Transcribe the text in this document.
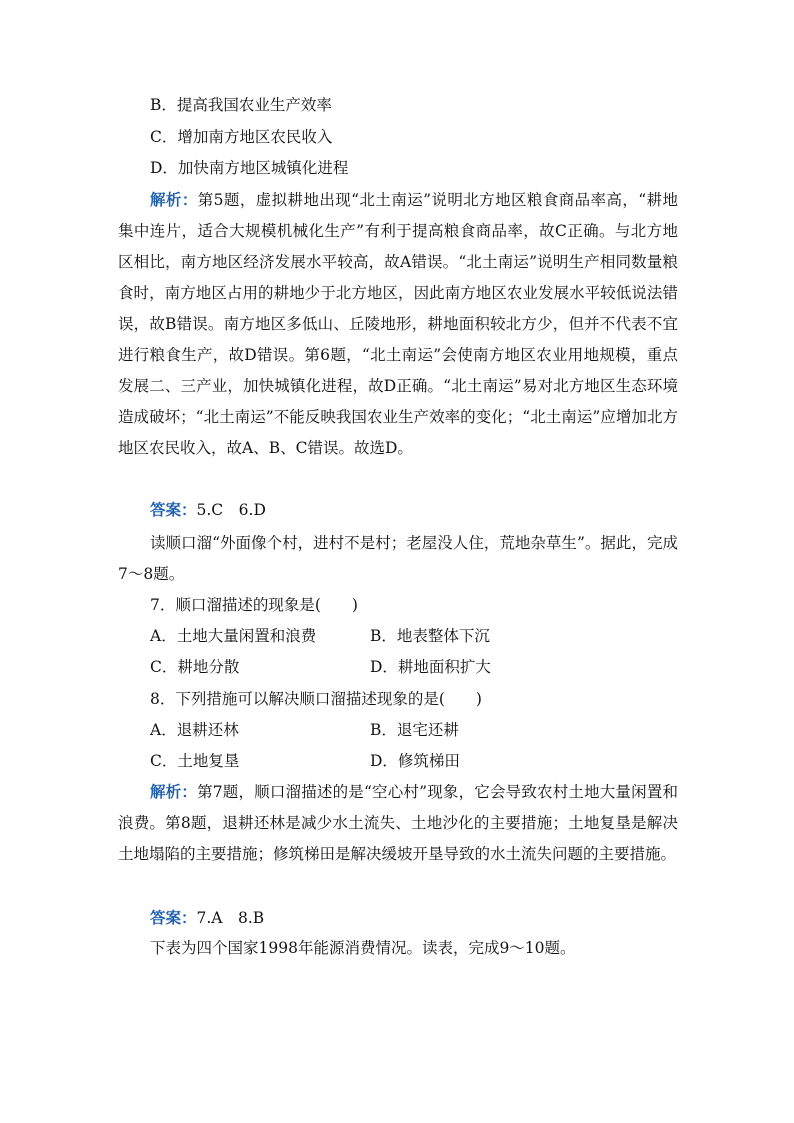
B．提高我国农业生产效率
C．增加南方地区农民收入
D．加快南方地区城镇化进程
解析：第5题，虚拟耕地出现“北土南运”说明北方地区粮食商品率高，“耕地集中连片，适合大规模机械化生产”有利于提高粮食商品率，故C正确。与北方地区相比，南方地区经济发展水平较高，故A错误。“北土南运”说明生产相同数量粮食时，南方地区占用的耕地少于北方地区，因此南方地区农业发展水平较低说法错误，故B错误。南方地区多低山、丘陵地形，耕地面积较北方少，但并不代表不宜进行粮食生产，故D错误。第6题，“北土南运”会使南方地区农业用地规模，重点发展二、三产业，加快城镇化进程，故D正确。“北土南运”易对北方地区生态环境造成破坏；“北土南运”不能反映我国农业生产效率的变化；“北土南运”应增加北方地区农民收入，故A、B、C错误。故选D。
答案：5.C　6.D
读顺口溜“外面像个村，进村不是村；老屋没人住，荒地杂草生”。据此，完成7～8题。
7．顺口溜描述的现象是(　　)
A．土地大量闲置和浪费	B．地表整体下沉
C．耕地分散	D．耕地面积扩大
8．下列措施可以解决顺口溜描述现象的是(　　)
A．退耕还林	B．退宅还耕
C．土地复垦	D．修筑梯田
解析：第7题，顺口溜描述的是“空心村”现象，它会导致农村土地大量闲置和浪费。第8题，退耕还林是减少水土流失、土地沙化的主要措施；土地复垦是解决土地塌陷的主要措施；修筑梯田是解决缓坡开垦导致的水土流失问题的主要措施。
答案：7.A　8.B
下表为四个国家1998年能源消费情况。读表，完成9～10题。
